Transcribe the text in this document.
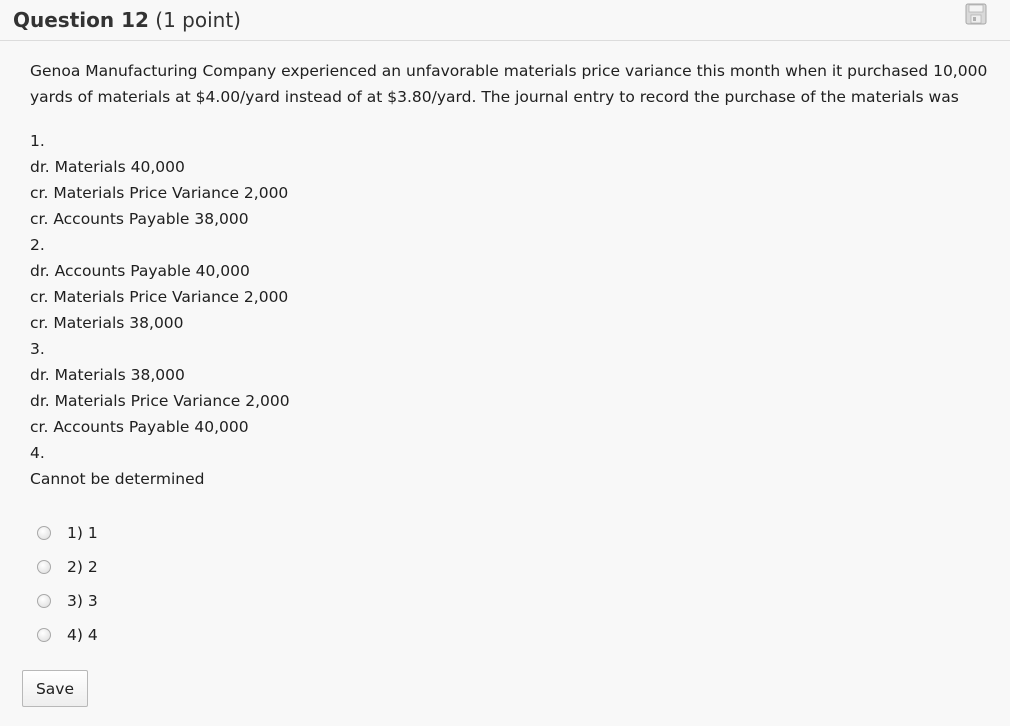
Question 12 (1 point)
Genoa Manufacturing Company experienced an unfavorable materials price variance this month when it purchased 10,000
yards of materials at $4.00/yard instead of at $3.80/yard. The journal entry to record the purchase of the materials was
1.
dr. Materials 40,000
cr. Materials Price Variance 2,000
cr. Accounts Payable 38,000
2.
dr. Accounts Payable 40,000
cr. Materials Price Variance 2,000
cr. Materials 38,000
3.
dr. Materials 38,000
dr. Materials Price Variance 2,000
cr. Accounts Payable 40,000
4.
Cannot be determined
1) 1
2) 2
3) 3
4) 4
Save
